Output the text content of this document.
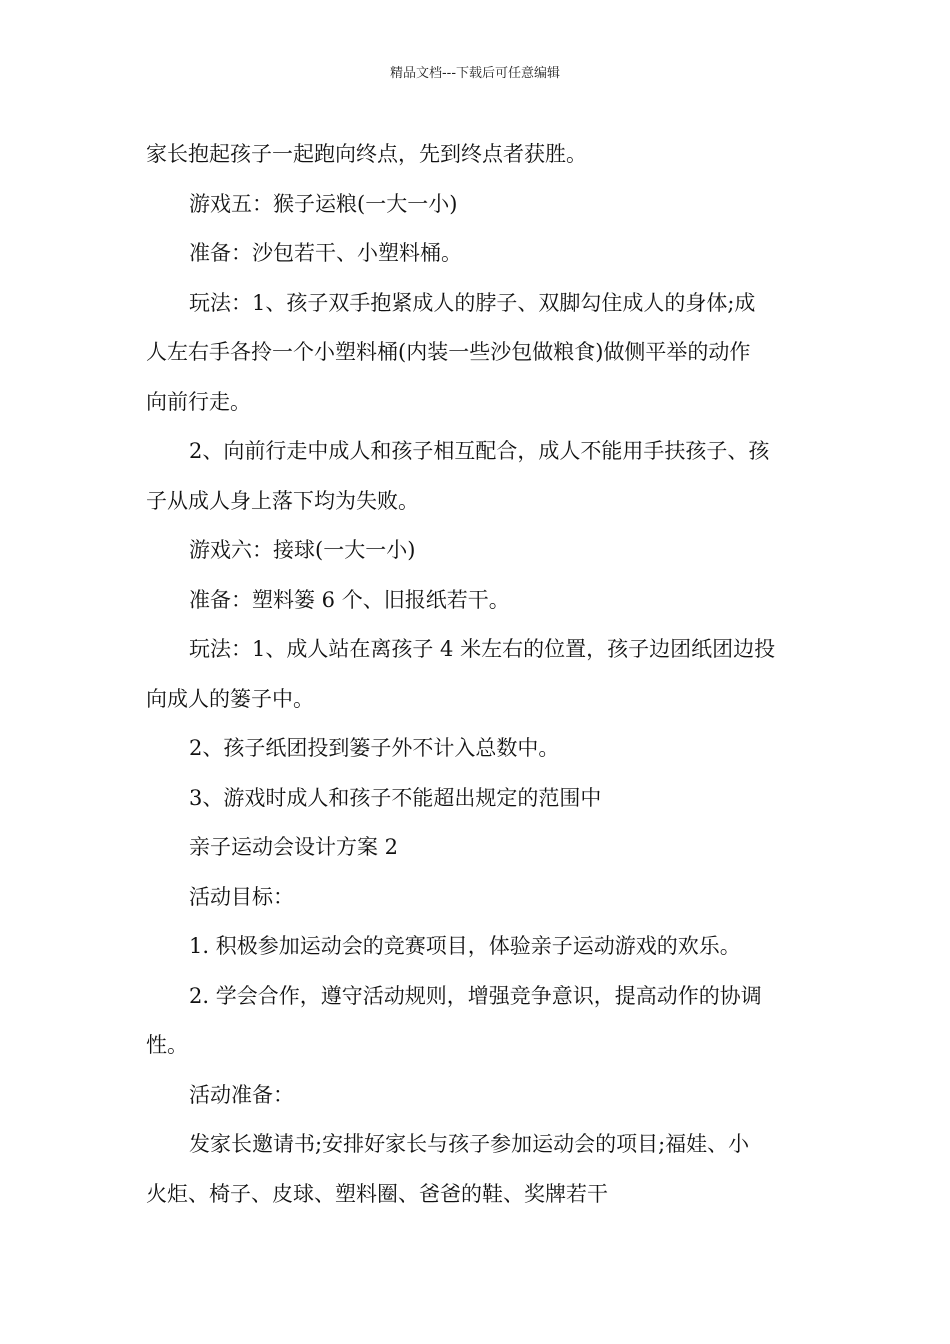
精品文档---下载后可任意编辑
家长抱起孩子一起跑向终点，先到终点者获胜。
游戏五：猴子运粮(一大一小)
准备：沙包若干、小塑料桶。
玩法：1、孩子双手抱紧成人的脖子、双脚勾住成人的身体;成
人左右手各拎一个小塑料桶(内装一些沙包做粮食)做侧平举的动作
向前行走。
2、向前行走中成人和孩子相互配合，成人不能用手扶孩子、孩
子从成人身上落下均为失败。
游戏六：接球(一大一小)
准备：塑料篓 6 个、旧报纸若干。
玩法：1、成人站在离孩子 4 米左右的位置，孩子边团纸团边投
向成人的篓子中。
2、孩子纸团投到篓子外不计入总数中。
3、游戏时成人和孩子不能超出规定的范围中
亲子运动会设计方案 2
活动目标：
1. 积极参加运动会的竞赛项目，体验亲子运动游戏的欢乐。
2. 学会合作，遵守活动规则，增强竞争意识，提高动作的协调
性。
活动准备：
发家长邀请书;安排好家长与孩子参加运动会的项目;福娃、小
火炬、椅子、皮球、塑料圈、爸爸的鞋、奖牌若干
